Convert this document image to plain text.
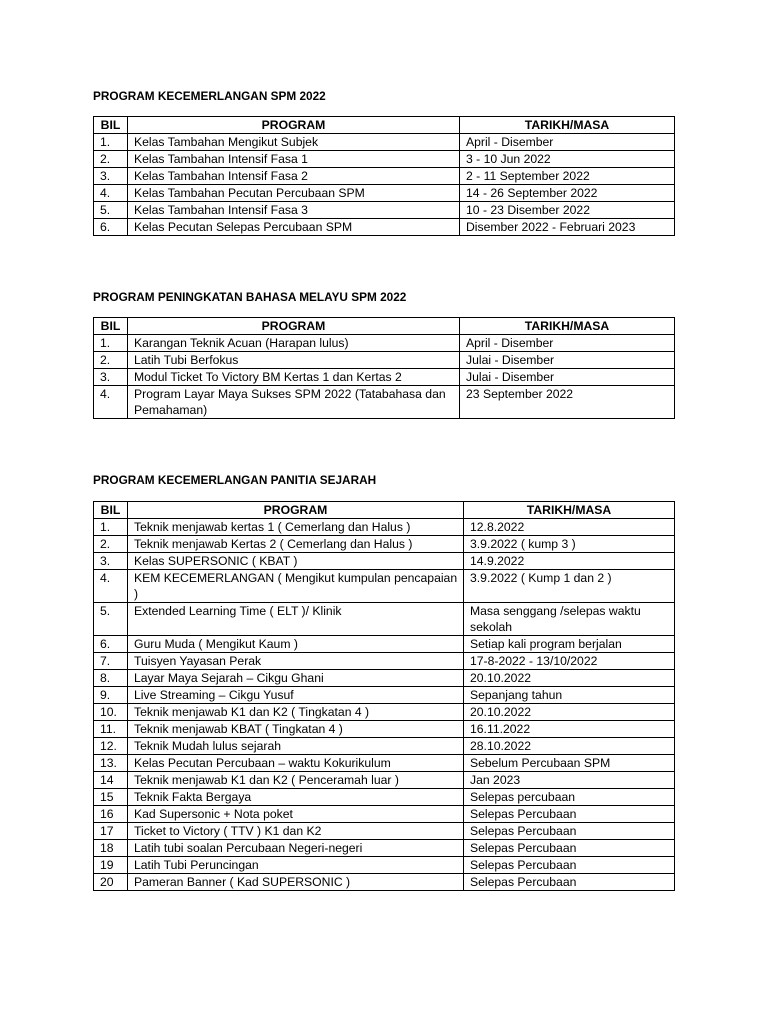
PROGRAM KECEMERLANGAN SPM 2022

BIL	PROGRAM	TARIKH/MASA
1.	Kelas Tambahan Mengikut Subjek	April - Disember
2.	Kelas Tambahan Intensif Fasa 1	3 - 10 Jun 2022
3.	Kelas Tambahan Intensif Fasa 2	2 - 11 September 2022
4.	Kelas Tambahan Pecutan Percubaan SPM	14 - 26 September 2022
5.	Kelas Tambahan Intensif Fasa 3	10 - 23 Disember 2022
6.	Kelas Pecutan Selepas Percubaan SPM	Disember 2022 - Februari 2023

PROGRAM PENINGKATAN BAHASA MELAYU SPM 2022

BIL	PROGRAM	TARIKH/MASA
1.	Karangan Teknik Acuan (Harapan lulus)	April - Disember
2.	Latih Tubi Berfokus	Julai - Disember
3.	Modul Ticket To Victory BM Kertas 1 dan Kertas 2	Julai - Disember
4.	Program Layar Maya Sukses SPM 2022 (Tatabahasa dan Pemahaman)	23 September 2022

PROGRAM KECEMERLANGAN PANITIA SEJARAH

BIL	PROGRAM	TARIKH/MASA
1.	Teknik menjawab kertas 1 ( Cemerlang dan Halus )	12.8.2022
2.	Teknik menjawab Kertas 2 ( Cemerlang dan Halus )	3.9.2022 ( kump 3 )
3.	Kelas SUPERSONIC ( KBAT )	14.9.2022
4.	KEM KECEMERLANGAN ( Mengikut kumpulan pencapaian )	3.9.2022 ( Kump 1 dan 2 )
5.	Extended Learning Time ( ELT )/ Klinik	Masa senggang /selepas waktu sekolah
6.	Guru Muda ( Mengikut Kaum )	Setiap kali program berjalan
7.	Tuisyen Yayasan Perak	17-8-2022 - 13/10/2022
8.	Layar Maya Sejarah – Cikgu Ghani	20.10.2022
9.	Live Streaming – Cikgu Yusuf	Sepanjang tahun
10.	Teknik menjawab K1 dan K2 ( Tingkatan 4 )	20.10.2022
11.	Teknik menjawab KBAT ( Tingkatan 4 )	16.11.2022
12.	Teknik Mudah lulus sejarah	28.10.2022
13.	Kelas Pecutan Percubaan – waktu Kokurikulum	Sebelum Percubaan SPM
14	Teknik menjawab K1 dan K2 ( Penceramah luar )	Jan 2023
15	Teknik Fakta Bergaya	Selepas percubaan
16	Kad Supersonic + Nota poket	Selepas Percubaan
17	Ticket to Victory ( TTV ) K1 dan K2	Selepas Percubaan
18	Latih tubi soalan Percubaan Negeri-negeri	Selepas Percubaan
19	Latih Tubi Peruncingan	Selepas Percubaan
20	Pameran Banner ( Kad SUPERSONIC )	Selepas Percubaan
